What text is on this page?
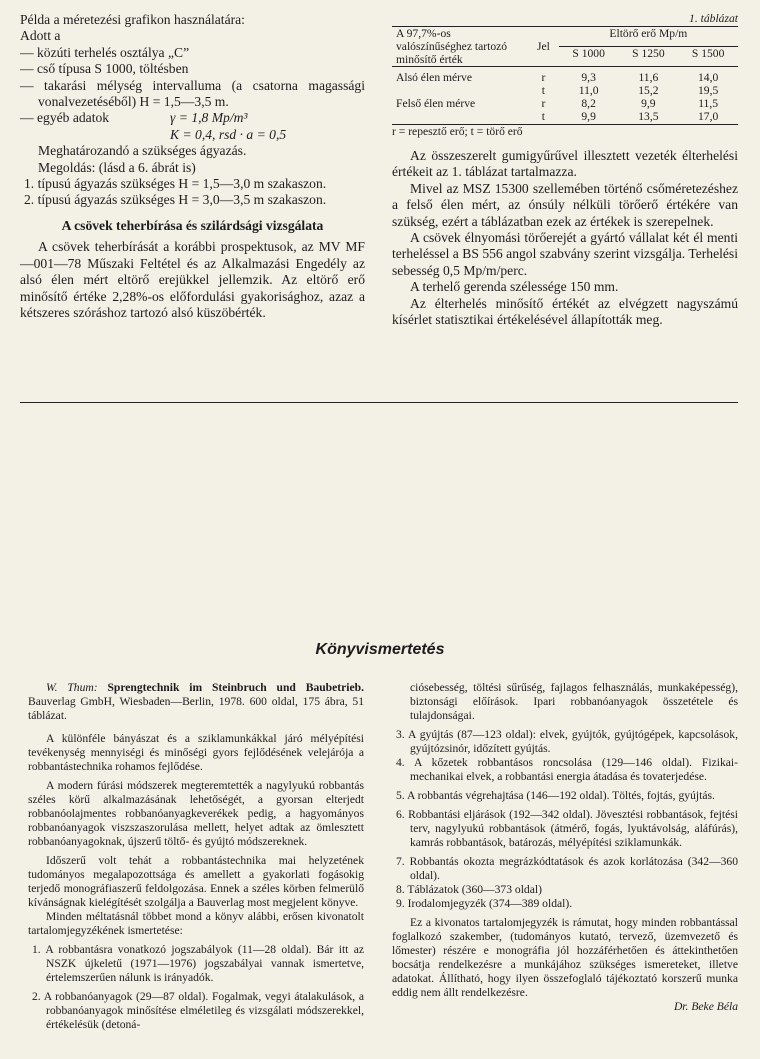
Példa a méretezési grafikon használatára:

Adott a

— közúti terhelés osztálya „C”

— cső típusa S 1000, töltésben

— takarási mélység intervalluma (a csatorna magassági vonalvezetéséből) H = 1,5—3,5 m.

— egyéb adatok	γ = 1,8 Mp/m³

K = 0,4, rsd · a = 0,5

Meghatározandó a szükséges ágyazás.

Megoldás: (lásd a 6. ábrát is)

1. típusú ágyazás szükséges H = 1,5—3,0 m szakaszon.

2. típusú ágyazás szükséges H = 3,0—3,5 m szakaszon.

A csövek teherbírása és szilárdsági vizsgálata

A csövek teherbírását a korábbi prospektusok, az MV MF—001—78 Műszaki Feltétel és az Alkalmazási Engedély az alsó élen mért eltörő erejükkel jellemzik. Az eltörő erő minősítő értéke 2,28%-os előfordulási gyakorisághoz, azaz a kétszeres szóráshoz tartozó alsó küszöbérték.

1. táblázat

A 97,7%-os valószínűséghez tartozó minősítő érték	Jel	Eltörő erő Mp/m		
		S 1000	S 1250	S 1500

Alsó élen mérve	r	9,3	11,6	14,0
	t	11,0	15,2	19,5
Felső élen mérve	r	8,2	9,9	11,5
	t	9,9	13,5	17,0

r = repesztő erő; t = törő erő

Az összeszerelt gumigyűrűvel illesztett vezeték élterhelési értékeit az 1. táblázat tartalmazza.

Mivel az MSZ 15300 szellemében történő csőméretezéshez a felső élen mért, az ónsúly nélküli törőerő értékére van szükség, ezért a táblázatban ezek az értékek is szerepelnek.

A csövek élnyomási törőerejét a gyártó vállalat két él menti terheléssel a BS 556 angol szabvány szerint vizsgálja. Terhelési sebesség 0,5 Mp/m/perc.

A terhelő gerenda szélessége 150 mm.

Az élterhelés minősítő értékét az elvégzett nagyszámú kísérlet statisztikai értékelésével állapították meg.

Könyvismertetés

W. Thum: Sprengtechnik im Steinbruch und Baubetrieb. Bauverlag GmbH, Wiesbaden—Berlin, 1978. 600 oldal, 175 ábra, 51 táblázat.

A különféle bányászat és a sziklamunkákkal járó mélyépítési tevékenység mennyiségi és minőségi gyors fejlődésének velejárója a robbantástechnika rohamos fejlődése.

A modern fúrási módszerek megteremtették a nagylyukú robbantás széles körű alkalmazásának lehetőségét, a gyorsan elterjedt robbanóolajmentes robbanóanyagkeverékek pedig, a hagyományos robbanóanyagok viszszaszorulása mellett, helyet adtak az ömlesztett robbanóanyagoknak, újszerű töltő- és gyújtó módszereknek.

Időszerű volt tehát a robbantástechnika mai helyzetének tudományos megalapozottsága és amellett a gyakorlati fogásokig terjedő monográfiaszerű feldolgozása. Ennek a széles körben felmerülő kívánságnak kielégítését szolgálja a Bauverlag most megjelent könyve.

Minden méltatásnál többet mond a könyv alábbi, erősen kivonatolt tartalomjegyzékének ismertetése:

1. A robbantásra vonatkozó jogszabályok (11—28 oldal). Bár itt az NSZK újkeletű (1971—1976) jogszabályai vannak ismertetve, értelemszerűen nálunk is irányadók.

2. A robbanóanyagok (29—87 oldal). Fogalmak, vegyi átalakulások, a robbanóanyagok minősítése elméletileg és vizsgálati módszerekkel, értékelésük (detoná-

ciósebesség, töltési sűrűség, fajlagos felhasználás, munkaképesség), biztonsági előírások. Ipari robbanóanyagok összetétele és tulajdonságai.

3. A gyújtás (87—123 oldal): elvek, gyújtók, gyújtógépek, kapcsolások, gyújtózsinór, időzített gyújtás.

4. A kőzetek robbantásos roncsolása (129—146 oldal). Fizikai-mechanikai elvek, a robbantási energia átadása és tovaterjedése.

5. A robbantás végrehajtása (146—192 oldal). Töltés, fojtás, gyújtás.

6. Robbantási eljárások (192—342 oldal). Jövesztési robbantások, fejtési terv, nagylyukú robbantások (átmérő, fogás, lyuktávolság, aláfúrás), kamrás robbantások, batározás, mélyépítési sziklamunkák.

7. Robbantás okozta megrázkódtatások és azok korlátozása (342—360 oldal).

8. Táblázatok (360—373 oldal)

9. Irodalomjegyzék (374—389 oldal).

Ez a kivonatos tartalomjegyzék is rámutat, hogy minden robbantással foglalkozó szakember, (tudományos kutató, tervező, üzemvezető és lőmester) részére e monográfia jól hozzáférhetően és áttekinthetően bocsátja rendelkezésre a munkájához szükséges ismereteket, illetve adatokat. Állítható, hogy ilyen összefoglaló tájékoztató korszerű munka eddig nem állt rendelkezésre.

Dr. Beke Béla
